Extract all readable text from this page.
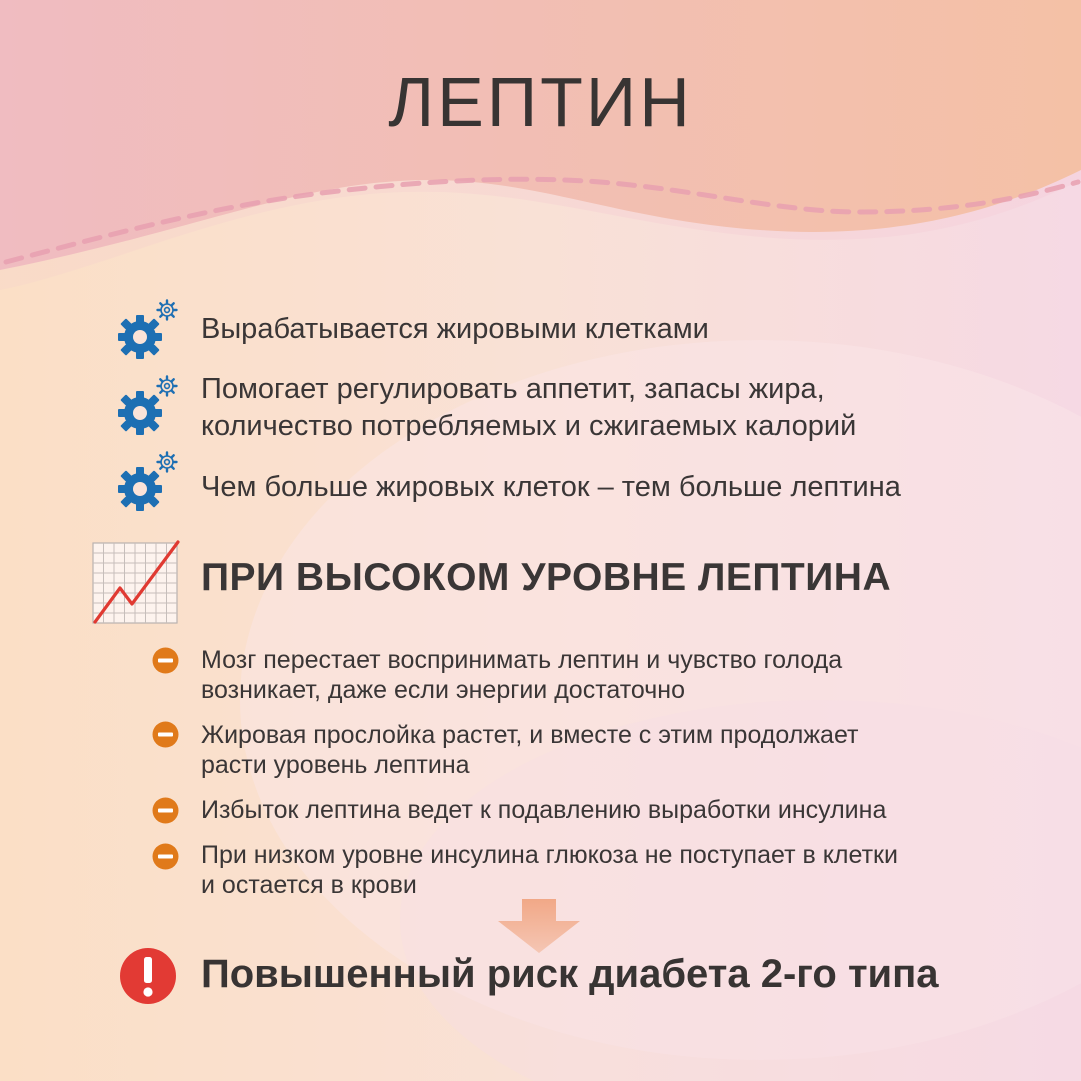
ЛЕПТИН
Вырабатывается жировыми клетками
Помогает регулировать аппетит, запасы жира,
количество потребляемых и сжигаемых калорий
Чем больше жировых клеток – тем больше лептина
ПРИ ВЫСОКОМ УРОВНЕ ЛЕПТИНА
Мозг перестает воспринимать лептин и чувство голода
возникает, даже если энергии достаточно
Жировая прослойка растет, и вместе с этим продолжает
расти уровень лептина
Избыток лептина ведет к подавлению выработки инсулина
При низком уровне инсулина глюкоза не поступает в клетки
и остается в крови
Повышенный риск диабета 2-го типа
